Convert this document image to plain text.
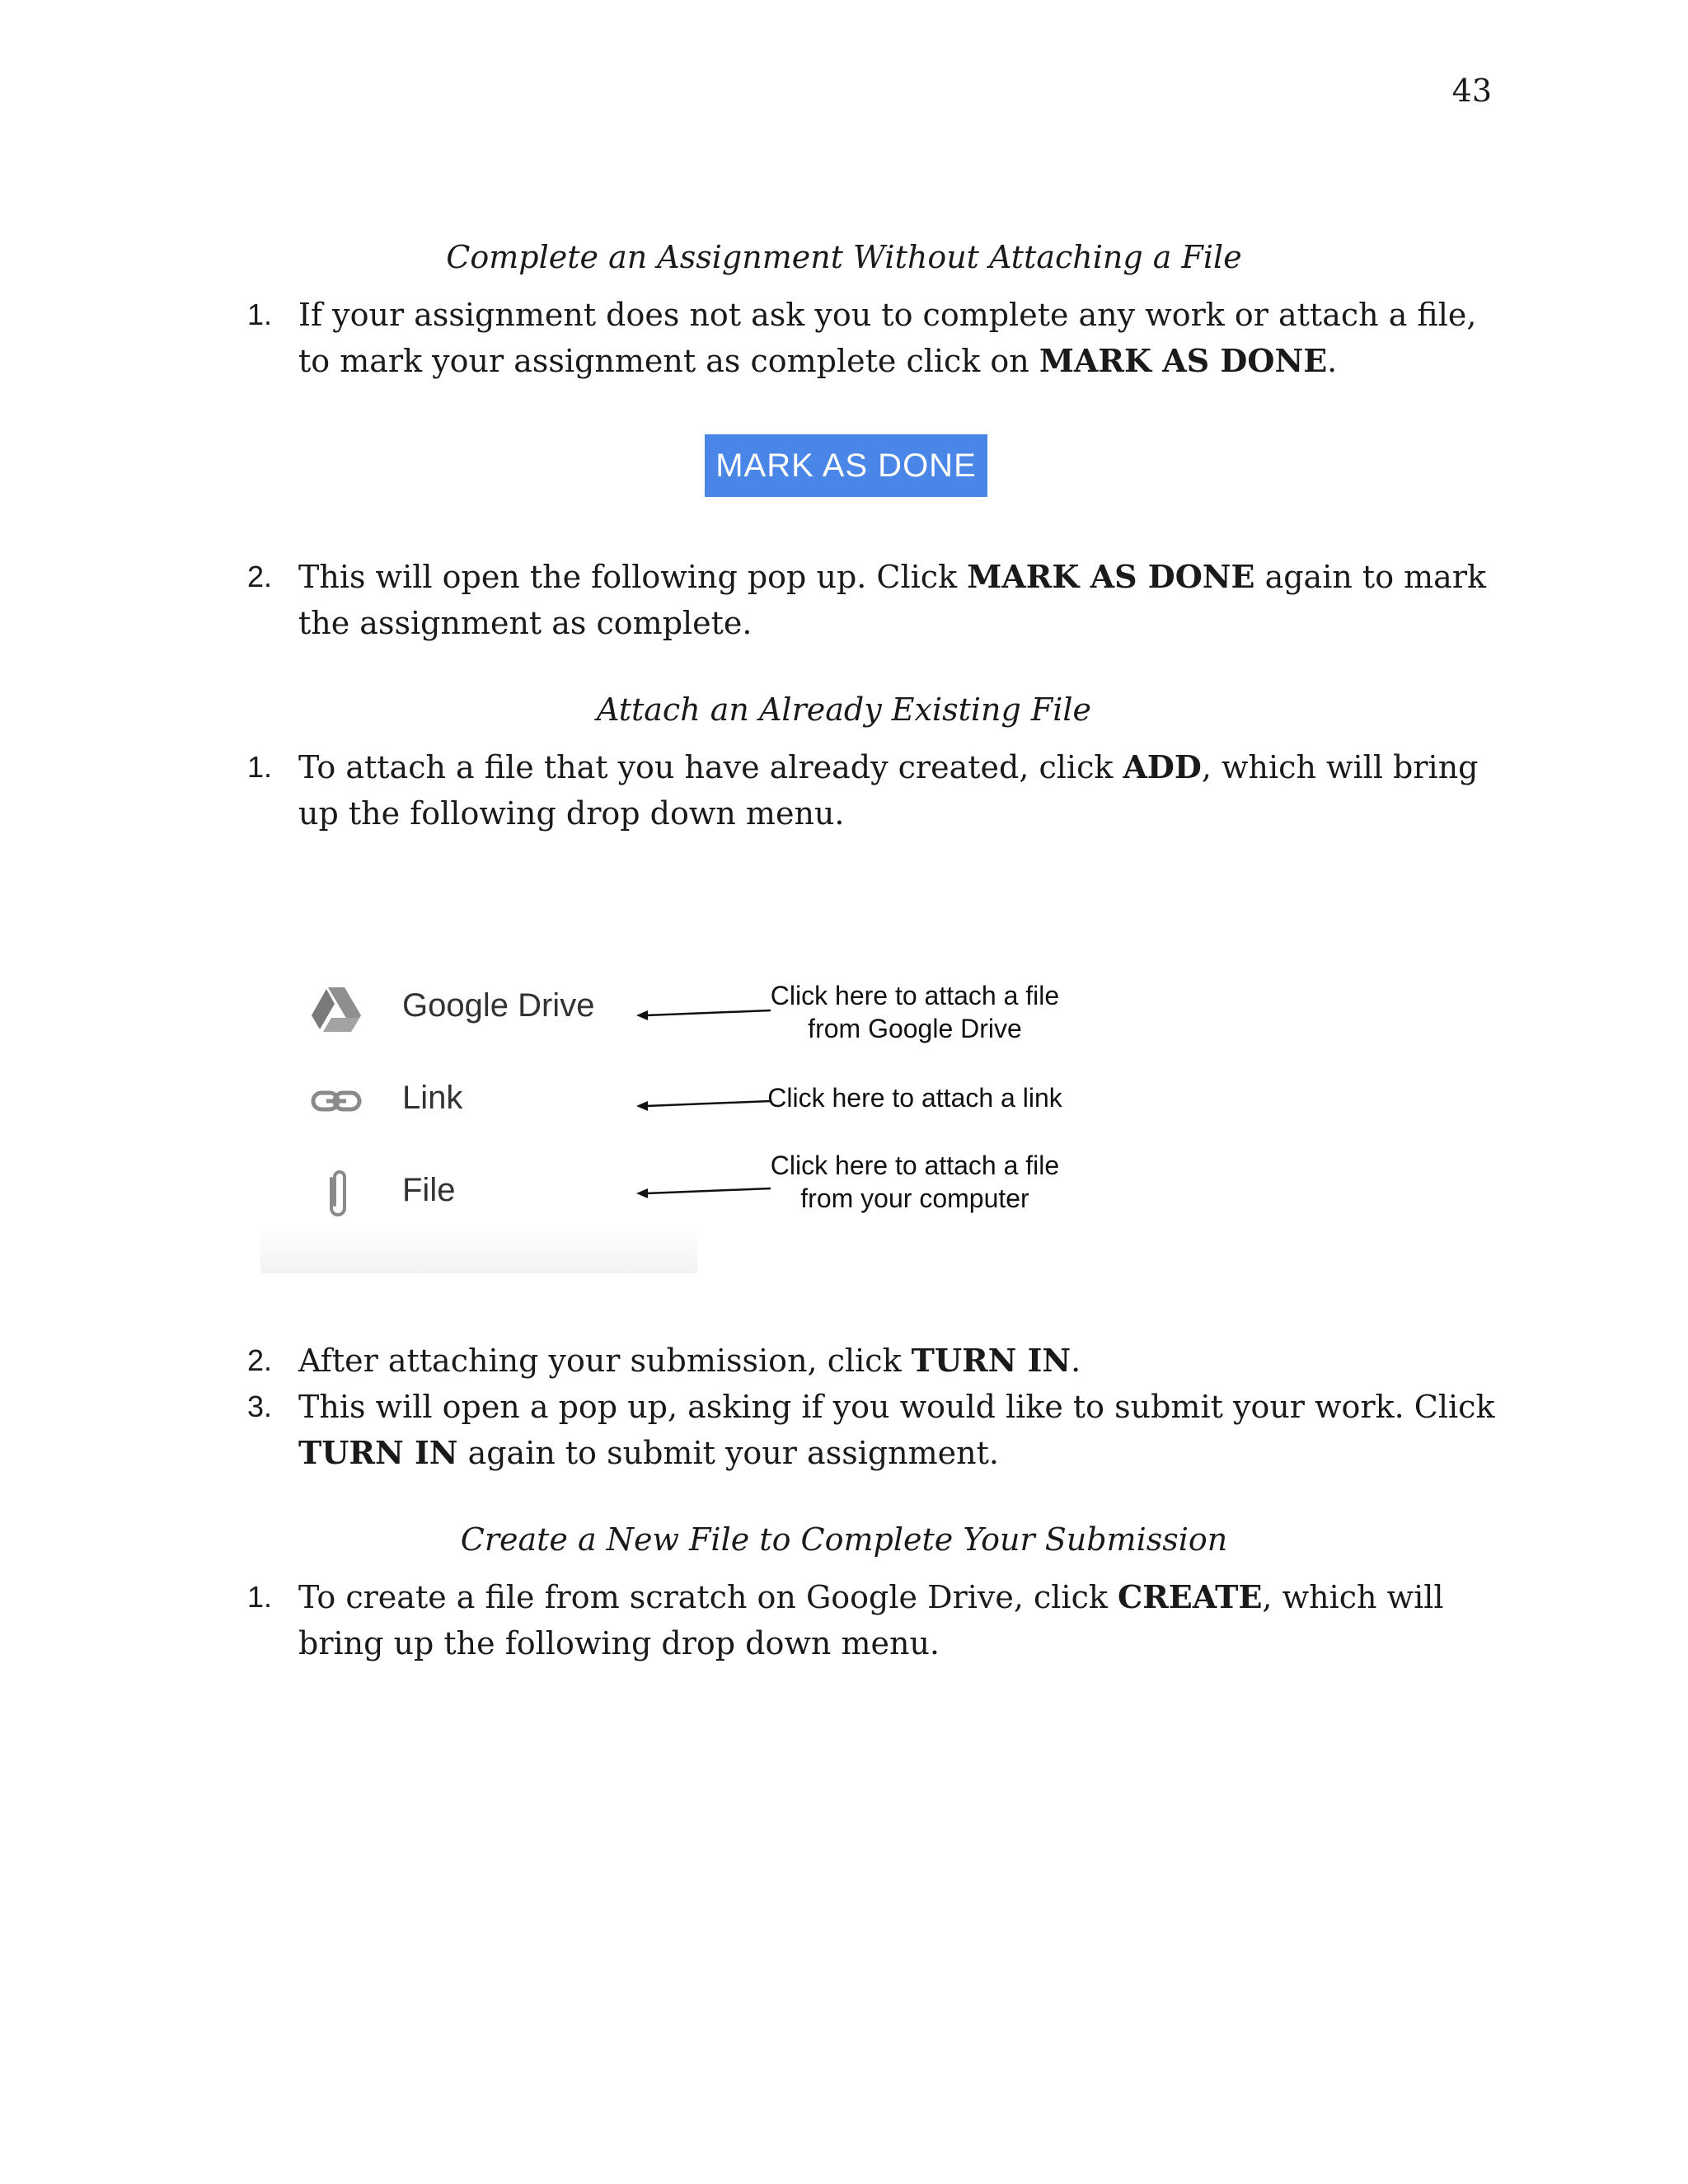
43
Complete an Assignment Without Attaching a File
1. If your assignment does not ask you to complete any work or attach a file, to mark your assignment as complete click on MARK AS DONE.
MARK AS DONE
2. This will open the following pop up. Click MARK AS DONE again to mark the assignment as complete.
Attach an Already Existing File
1. To attach a file that you have already created, click ADD, which will bring up the following drop down menu.
Google Drive
Link
File
Click here to attach a file
from Google Drive
Click here to attach a link
Click here to attach a file
from your computer
2. After attaching your submission, click TURN IN.
3. This will open a pop up, asking if you would like to submit your work. Click TURN IN again to submit your assignment.
Create a New File to Complete Your Submission
1. To create a file from scratch on Google Drive, click CREATE, which will bring up the following drop down menu.
